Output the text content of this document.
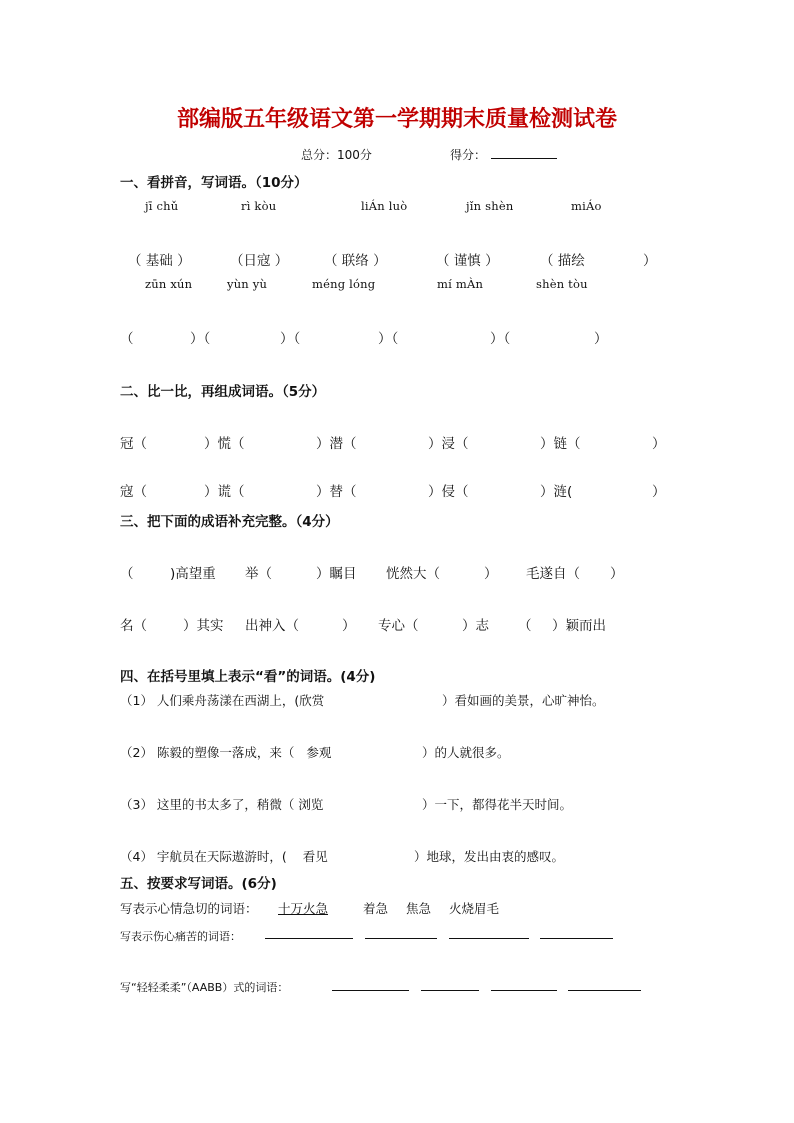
部编版五年级语文第一学期期末质量检测试卷
总分：100分	得分：
一、看拼音，写词语。（10分）
jī chǔ	rì kòu	liÁn luò	jǐn shèn	miÁo
（ 基础 ）	（日寇 ）	（ 联络 ）	（ 谨慎 ）	（ 描绘	）
zūn xún	yùn yù	méng lóng	mí mÀn	shèn tòu
（	）（	）（	）（	）（	）
二、比一比，再组成词语。（5分）
冠（	）慌（	）潜（	）浸（	）链（	）
寇（	）谎（	）替（	）侵（	）涟(	）
三、把下面的成语补充完整。（4分）
（	)高望重 举（	）瞩目 恍然大（	） 毛遂自（ ）
名（	）其实 出神入（	） 专心（	）志 （ ）颖而出
四、在括号里填上表示“看”的词语。(4分)
（1） 人们乘舟荡漾在西湖上，(欣赏	）看如画的美景，心旷神怡。
（2） 陈毅的塑像一落成，来（   参观	）的人就很多。
（3） 这里的书太多了，稍微（ 浏览	）一下，都得花半天时间。
（4） 宇航员在天际遨游时，(    看见	）地球，发出由衷的感叹。
五、按要求写词语。(6分)
写表示心情急切的词语： 十万火急	着急 焦急 火烧眉毛
写表示伤心痛苦的词语：
写“轻轻柔柔”（AABB）式的词语：
